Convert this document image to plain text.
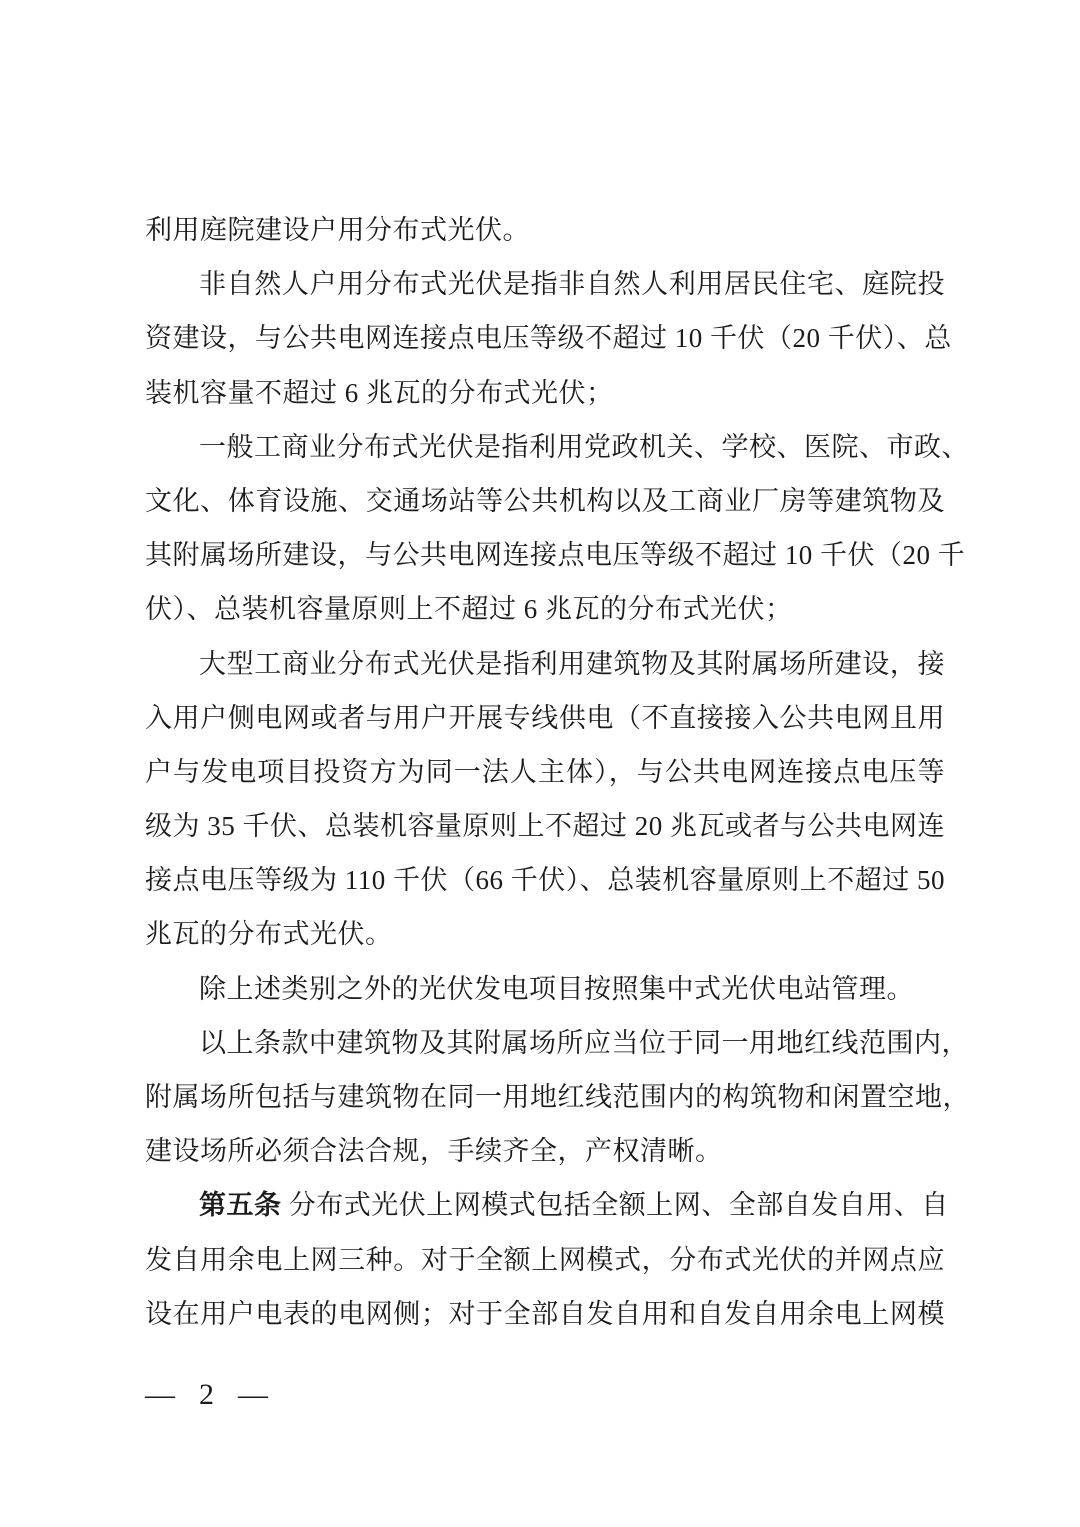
利用庭院建设户用分布式光伏。

非自然人户用分布式光伏是指非自然人利用居民住宅、庭院投

资建设，与公共电网连接点电压等级不超过 10 千伏（20 千伏）、总

装机容量不超过 6 兆瓦的分布式光伏；

一般工商业分布式光伏是指利用党政机关、学校、医院、市政、

文化、体育设施、交通场站等公共机构以及工商业厂房等建筑物及

其附属场所建设，与公共电网连接点电压等级不超过 10 千伏（20 千

伏）、总装机容量原则上不超过 6 兆瓦的分布式光伏；

大型工商业分布式光伏是指利用建筑物及其附属场所建设，接

入用户侧电网或者与用户开展专线供电（不直接接入公共电网且用

户与发电项目投资方为同一法人主体），与公共电网连接点电压等

级为 35 千伏、总装机容量原则上不超过 20 兆瓦或者与公共电网连

接点电压等级为 110 千伏（66 千伏）、总装机容量原则上不超过 50

兆瓦的分布式光伏。

除上述类别之外的光伏发电项目按照集中式光伏电站管理。

以上条款中建筑物及其附属场所应当位于同一用地红线范围内，

附属场所包括与建筑物在同一用地红线范围内的构筑物和闲置空地，

建设场所必须合法合规，手续齐全，产权清晰。

第五条 分布式光伏上网模式包括全额上网、全部自发自用、自

发自用余电上网三种。对于全额上网模式，分布式光伏的并网点应

设在用户电表的电网侧；对于全部自发自用和自发自用余电上网模

— 2 —
